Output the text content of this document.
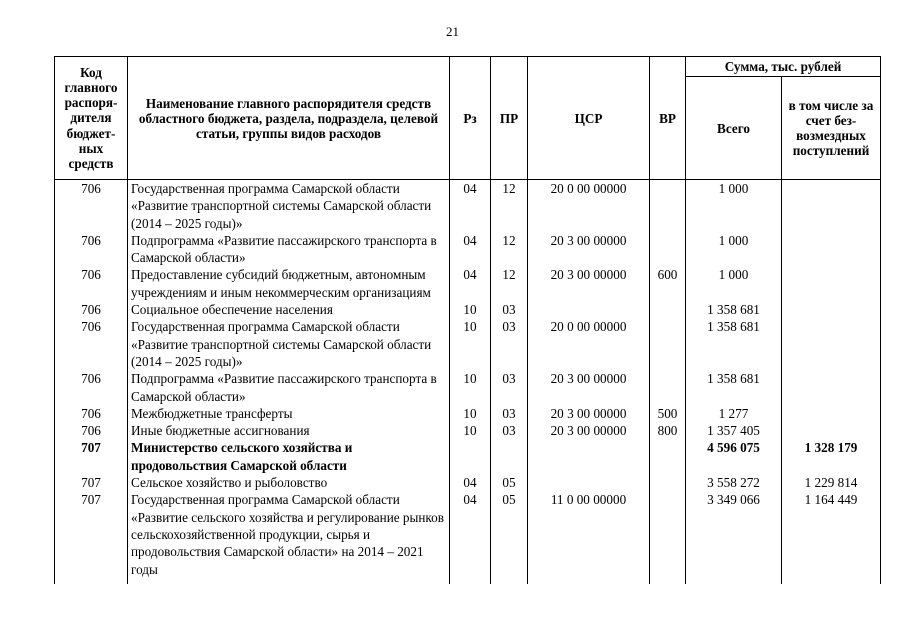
21
Код главного распоря-дителя бюджет-ных средств	Наименование главного распорядителя средств областного бюджета, раздела, подраздела, целевой статьи, группы видов расходов	Рз	ПР	ЦСР	ВР	Сумма, тыс. рублей	
						Всего	в том числе за счет без-возмездных поступлений
706	Государственная программа Самарской области «Развитие транспортной системы Самарской области (2014 – 2025 годы)»	04	12	20 0 00 00000		1 000	
706	Подпрограмма «Развитие пассажирского транспорта в Самарской области»	04	12	20 3 00 00000		1 000	
706	Предоставление субсидий бюджетным, автономным учреждениям и иным некоммерческим организациям	04	12	20 3 00 00000	600	1 000	
706	Социальное обеспечение населения	10	03			1 358 681	
706	Государственная программа Самарской области «Развитие транспортной системы Самарской области (2014 – 2025 годы)»	10	03	20 0 00 00000		1 358 681	
706	Подпрограмма «Развитие пассажирского транспорта в Самарской области»	10	03	20 3 00 00000		1 358 681	
706	Межбюджетные трансферты	10	03	20 3 00 00000	500	1 277	
706	Иные бюджетные ассигнования	10	03	20 3 00 00000	800	1 357 405	
707	Министерство сельского хозяйства и продовольствия Самарской области					4 596 075	1 328 179
707	Сельское хозяйство и рыболовство	04	05			3 558 272	1 229 814
707	Государственная программа Самарской области «Развитие сельского хозяйства и регулирование рынков сельскохозяйственной продукции, сырья и продовольствия Самарской области» на 2014 – 2021 годы	04	05	11 0 00 00000		3 349 066	1 164 449
